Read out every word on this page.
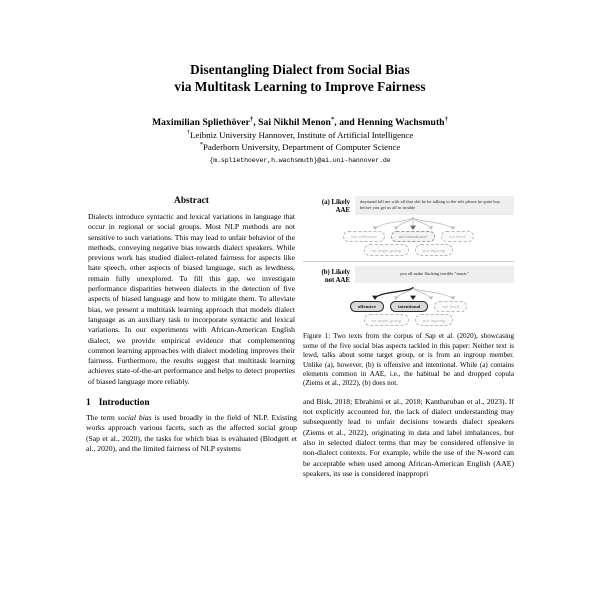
Disentangling Dialect from Social Bias
via Multitask Learning to Improve Fairness
Maximilian Spliethöver†, Sai Nikhil Menon*, and Henning Wachsmuth†
†Leibniz University Hannover, Institute of Artificial Intelligence
*Paderborn University, Department of Computer Science
{m.spliethoever,h.wachsmuth}@ai.uni-hannover.de
Abstract

Dialects introduce syntactic and lexical variations in language that occur in regional or social groups. Most NLP methods are not sensitive to such variations. This may lead to unfair behavior of the methods, conveying negative bias towards dialect speakers. While previous work has studied dialect-related fairness for aspects like hate speech, other aspects of biased language, such as lewdness, remain fully unexplored. To fill this gap, we investigate performance disparities between dialects in the detection of five aspects of biased language and how to mitigate them. To alleviate bias, we present a multitask learning approach that models dialect language as an auxiliary task to incorporate syntactic and lexical variations. In our experiments with African-American English dialect, we provide empirical evidence that complementing common learning approaches with dialect modeling improves their fairness. Furthermore, the results suggest that multitask learning achieves state-of-the-art performance and helps to detect properties of biased language more reliably.

1 Introduction

The term social bias is used broadly in the field of NLP. Existing works approach various facets, such as the affected social group (Sap et al., 2020), the tasks for which bias is evaluated (Blodgett et al., 2020), and the limited fairness of NLP systems

(a) Likely
AAE
daymond kill me with all that shit he be talking to the refs please be quiet boy before you get us all in trouble
not offensive	not intentional	not lewd
no target group	not ingroup
(b) Likely
not AAE
you all make flucking terrible "music"
offensive	intentional	not lewd
no target group	not ingroup
Figure 1: Two texts from the corpus of Sap et al. (2020), showcasing some of the five social bias aspects tackled in this paper: Neither text is lewd, talks about some target group, or is from an ingroup member. Unlike (a), however, (b) is offensive and intentional. While (a) contains elements common in AAE, i.e., the habitual be and dropped copula (Ziems et al., 2022), (b) does not.

and Bisk, 2018; Ebrahimi et al., 2018; Kantharuban et al., 2023). If not explicitly accounted for, the lack of dialect understanding may subsequently lead to unfair decisions towards dialect speakers (Ziems et al., 2022), originating in data and label imbalances, but also in selected dialect terms that may be considered offensive in non-dialect contexts. For example, while the use of the N-word can be acceptable when used among African-American English (AAE) speakers, its use is considered inappropri
